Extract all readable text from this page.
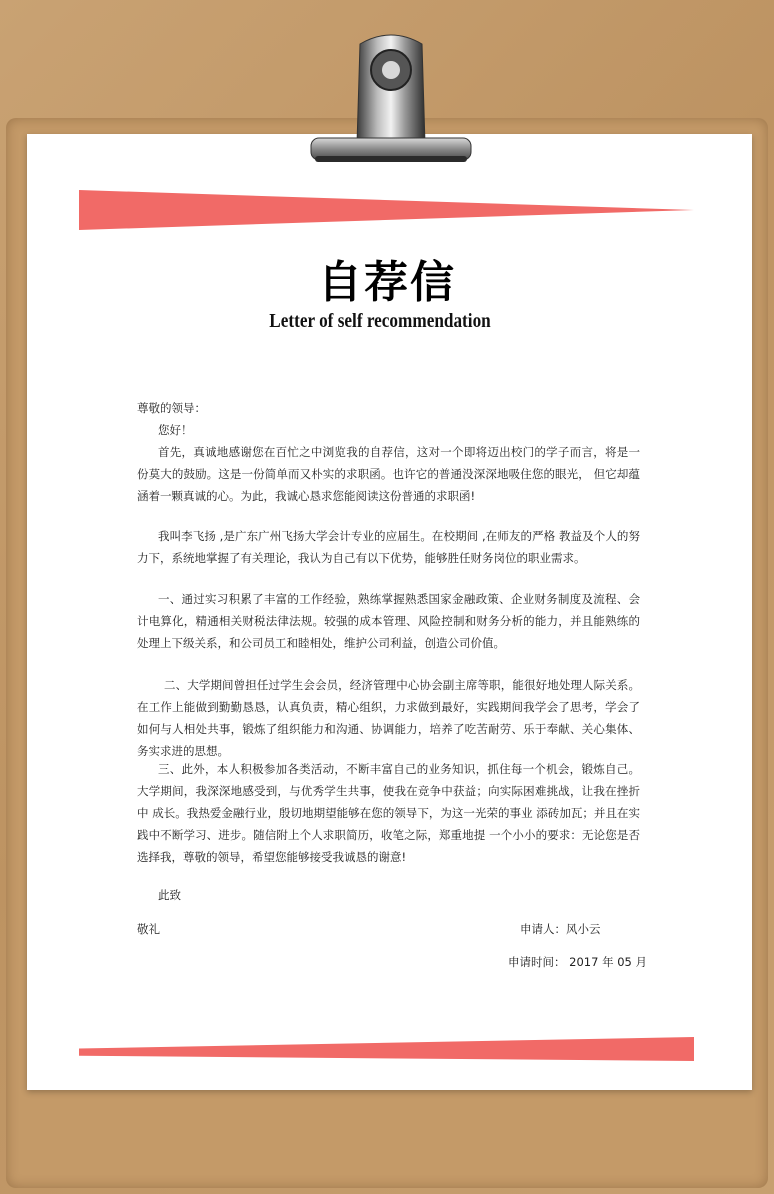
自荐信
Letter of self recommendation

尊敬的领导：

您好！

首先，真诚地感谢您在百忙之中浏览我的自荐信，这对一个即将迈出校门的学子而言，将是一份莫大的鼓励。这是一份简单而又朴实的求职函。也许它的普通没深深地吸住您的眼光， 但它却蕴涵着一颗真诚的心。为此，我诚心恳求您能阅读这份普通的求职函!

我叫李飞扬 ,是广东广州飞扬大学会计专业的应届生。在校期间 ,在师友的严格 教益及个人的努力下，系统地掌握了有关理论，我认为自己有以下优势，能够胜任财务岗位的职业需求。

一、通过实习积累了丰富的工作经验，熟练掌握熟悉国家金融政策、企业财务制度及流程、会计电算化，精通相关财税法律法规。较强的成本管理、风险控制和财务分析的能力，并且能熟练的处理上下级关系，和公司员工和睦相处，维护公司利益，创造公司价值。

二、大学期间曾担任过学生会会员，经济管理中心协会副主席等职，能很好地处理人际关系。在工作上能做到勤勤恳恳，认真负责，精心组织，力求做到最好，实践期间我学会了思考，学会了如何与人相处共事，锻炼了组织能力和沟通、协调能力，培养了吃苦耐劳、乐于奉献、关心集体、务实求进的思想。

三、此外，本人积极参加各类活动，不断丰富自己的业务知识，抓住每一个机会，锻炼自己。大学期间，我深深地感受到，与优秀学生共事，使我在竞争中获益；向实际困难挑战，让我在挫折中 成长。我热爱金融行业，殷切地期望能够在您的领导下，为这一光荣的事业 添砖加瓦；并且在实践中不断学习、进步。随信附上个人求职简历，收笔之际，郑重地提 一个小小的要求：无论您是否选择我，尊敬的领导，希望您能够接受我诚恳的谢意!

此致

敬礼	申请人：风小云

申请时间： 2017 年 05 月
